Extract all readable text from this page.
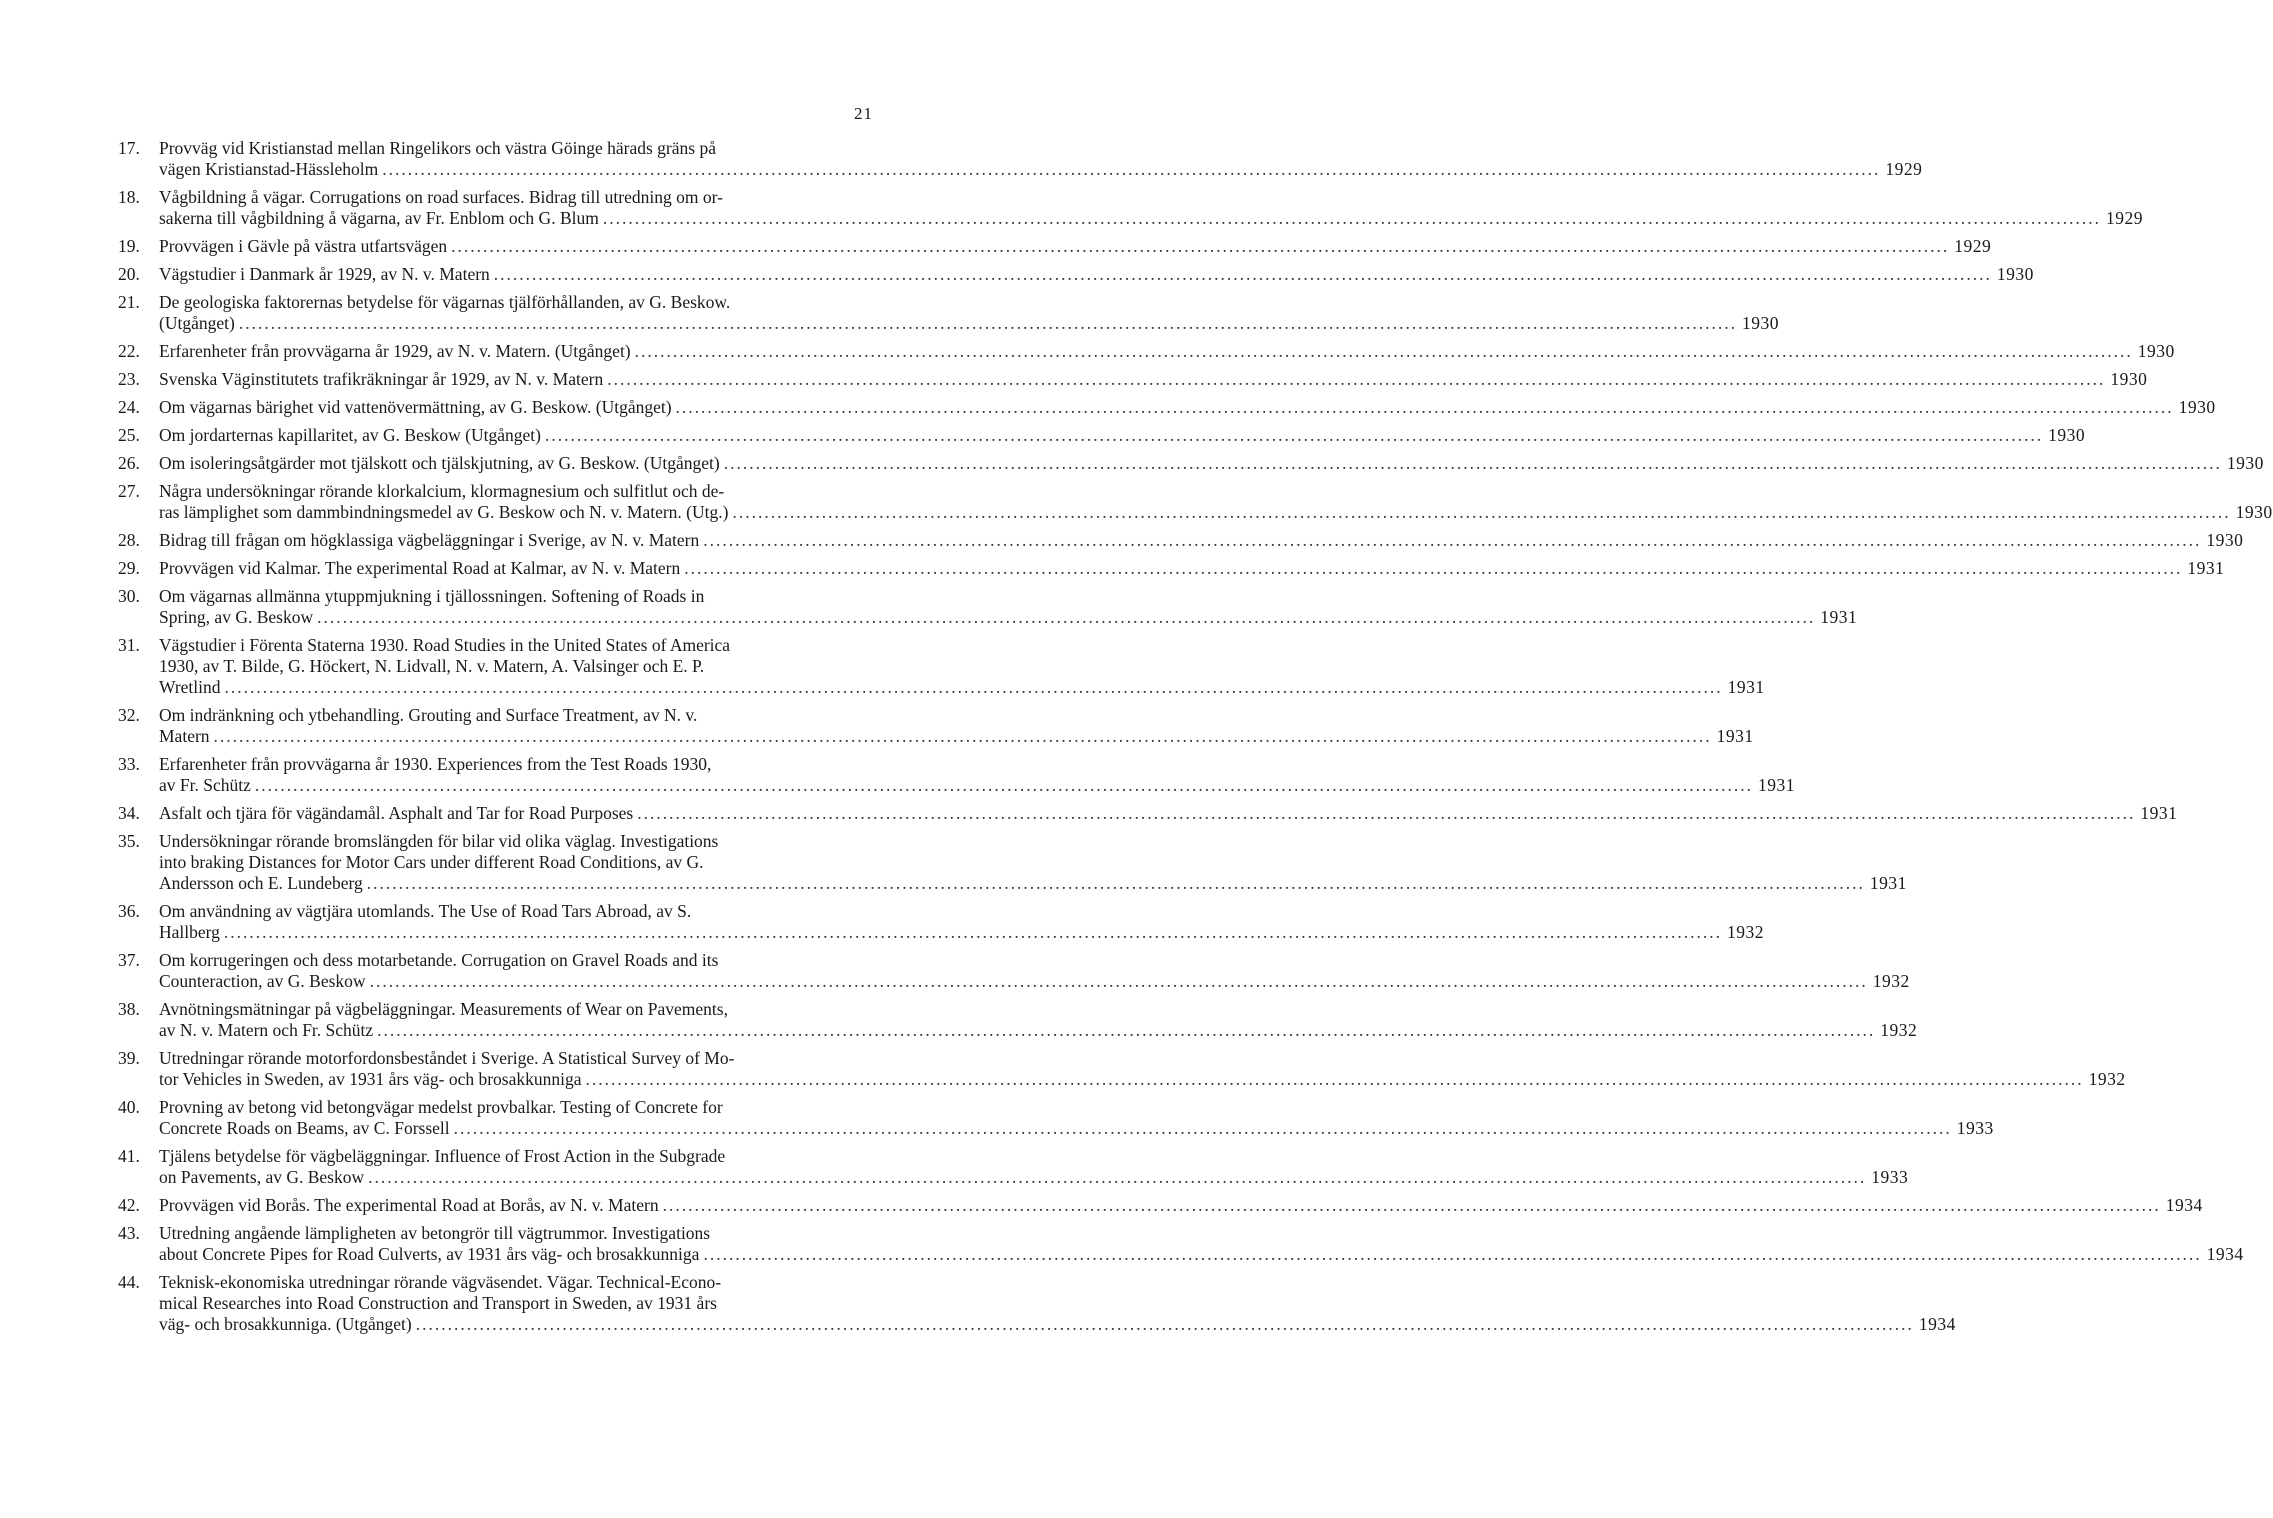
21
17.	Provväg vid Kristianstad mellan Ringelikors och västra Göinge härads gräns på
vägen Kristianstad-Hässleholm .....	1929
18.	Vågbildning å vägar. Corrugations on road surfaces. Bidrag till utredning om or-
sakerna till vågbildning å vägarna, av Fr. Enblom och G. Blum .....	1929
19.	Provvägen i Gävle på västra utfartsvägen .....	1929
20.	Vägstudier i Danmark år 1929, av N. v. Matern .....	1930
21.	De geologiska faktorernas betydelse för vägarnas tjälförhållanden, av G. Beskow.
(Utgånget) .....	1930
22.	Erfarenheter från provvägarna år 1929, av N. v. Matern. (Utgånget) .....	1930
23.	Svenska Väginstitutets trafikräkningar år 1929, av N. v. Matern .....	1930
24.	Om vägarnas bärighet vid vattenövermättning, av G. Beskow. (Utgånget) .....	1930
25.	Om jordarternas kapillaritet, av G. Beskow (Utgånget) .....	1930
26.	Om isoleringsåtgärder mot tjälskott och tjälskjutning, av G. Beskow. (Utgånget) .....	1930
27.	Några undersökningar rörande klorkalcium, klormagnesium och sulfitlut och de-
ras lämplighet som dammbindningsmedel av G. Beskow och N. v. Matern. (Utg.) .....	1930
28.	Bidrag till frågan om högklassiga vägbeläggningar i Sverige, av N. v. Matern .....	1930
29.	Provvägen vid Kalmar. The experimental Road at Kalmar, av N. v. Matern .....	1931
30.	Om vägarnas allmänna ytuppmjukning i tjällossningen. Softening of Roads in
Spring, av G. Beskow .....	1931
31.	Vägstudier i Förenta Staterna 1930. Road Studies in the United States of America
1930, av T. Bilde, G. Höckert, N. Lidvall, N. v. Matern, A. Valsinger och E. P.
Wretlind .....	1931
32.	Om indränkning och ytbehandling. Grouting and Surface Treatment, av N. v.
Matern .....	1931
33.	Erfarenheter från provvägarna år 1930. Experiences from the Test Roads 1930,
av Fr. Schütz .....	1931
34.	Asfalt och tjära för vägändamål. Asphalt and Tar for Road Purposes .....	1931
35.	Undersökningar rörande bromslängden för bilar vid olika väglag. Investigations
into braking Distances for Motor Cars under different Road Conditions, av G.
Andersson och E. Lundeberg .....	1931
36.	Om användning av vägtjära utomlands. The Use of Road Tars Abroad, av S.
Hallberg .....	1932
37.	Om korrugeringen och dess motarbetande. Corrugation on Gravel Roads and its
Counteraction, av G. Beskow .....	1932
38.	Avnötningsmätningar på vägbeläggningar. Measurements of Wear on Pavements,
av N. v. Matern och Fr. Schütz .....	1932
39.	Utredningar rörande motorfordonsbeståndet i Sverige. A Statistical Survey of Mo-
tor Vehicles in Sweden, av 1931 års väg- och brosakkunniga .....	1932
40.	Provning av betong vid betongvägar medelst provbalkar. Testing of Concrete for
Concrete Roads on Beams, av C. Forssell .....	1933
41.	Tjälens betydelse för vägbeläggningar. Influence of Frost Action in the Subgrade
on Pavements, av G. Beskow .....	1933
42.	Provvägen vid Borås. The experimental Road at Borås, av N. v. Matern .....	1934
43.	Utredning angående lämpligheten av betongrör till vägtrummor. Investigations
about Concrete Pipes for Road Culverts, av 1931 års väg- och brosakkunniga .....	1934
44.	Teknisk-ekonomiska utredningar rörande vägväsendet. Vägar. Technical-Econo-
mical Researches into Road Construction and Transport in Sweden, av 1931 års
väg- och brosakkunniga. (Utgånget) .....	1934
